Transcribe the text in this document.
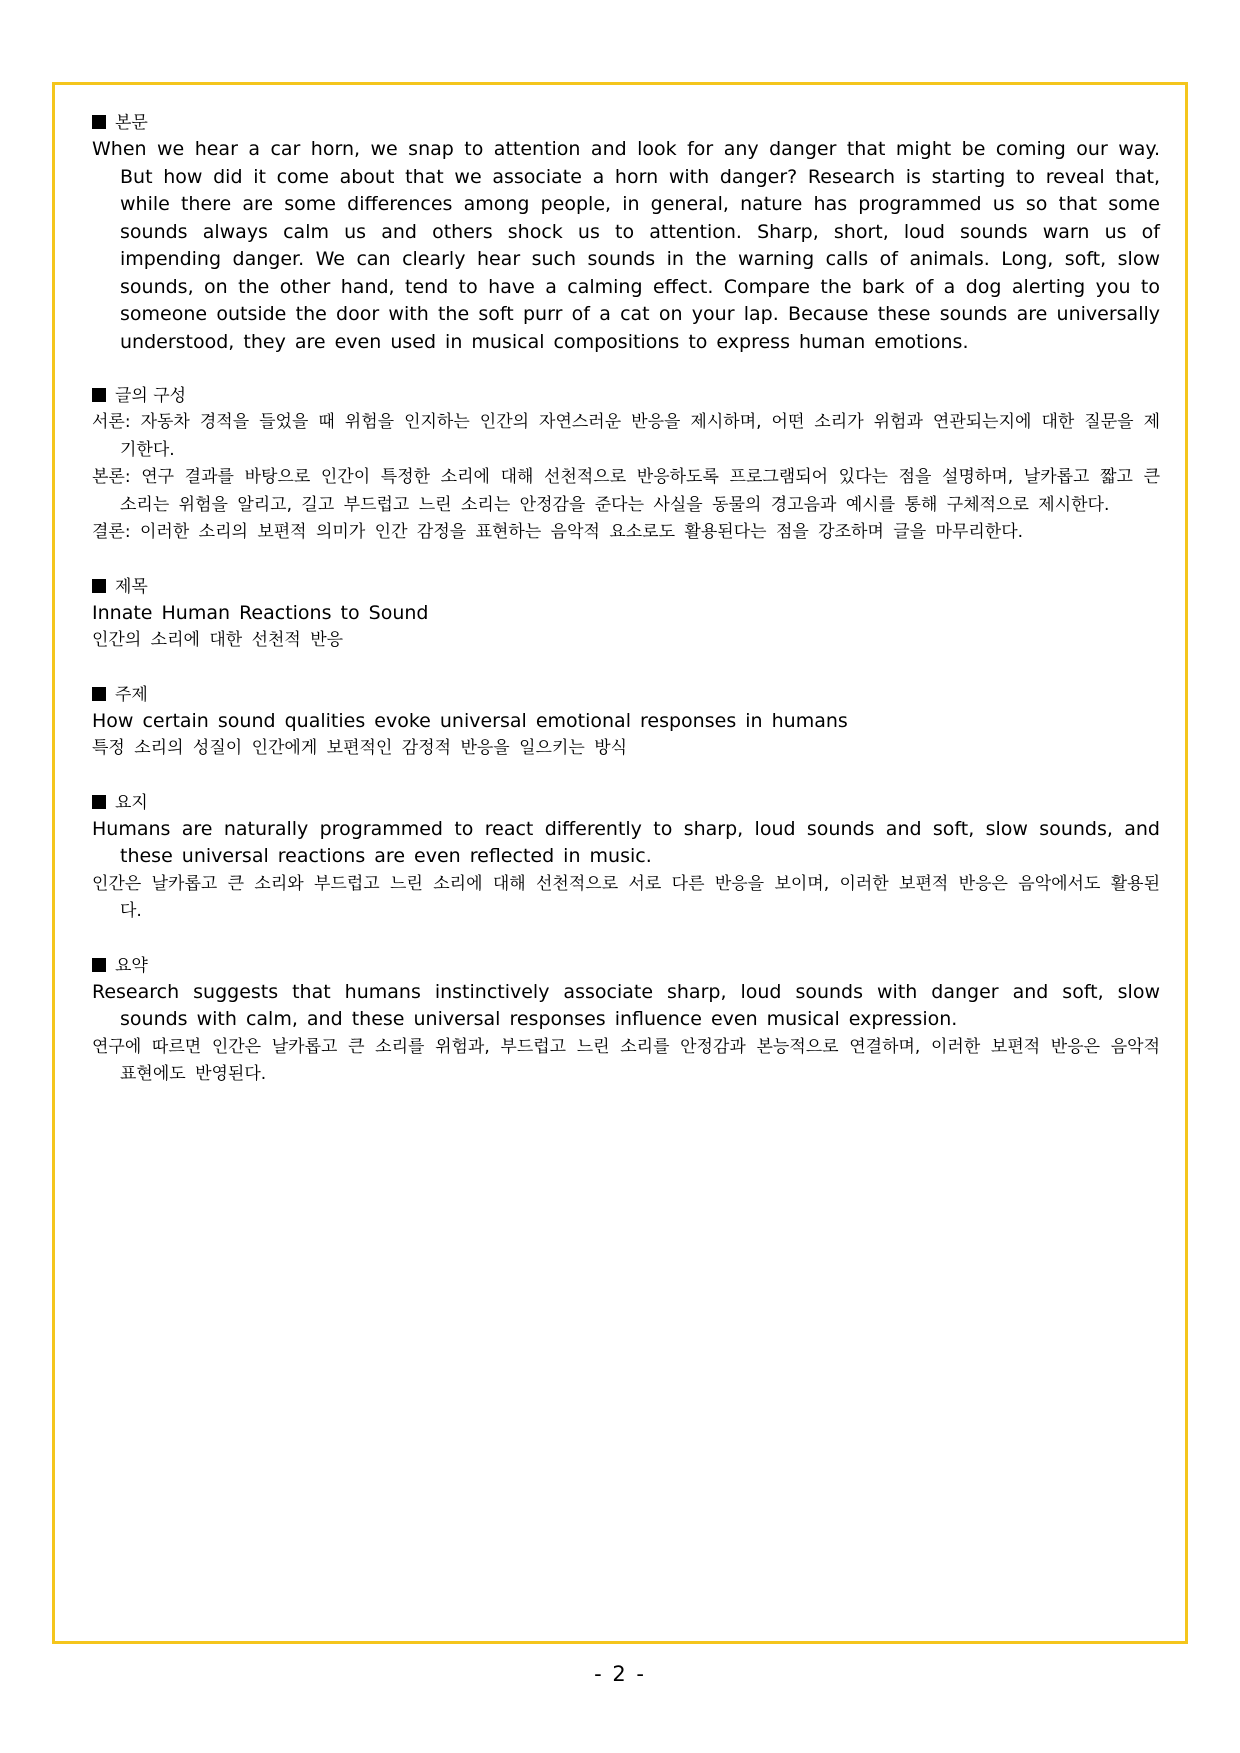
본문
When we hear a car horn, we snap to attention and look for any danger that might be coming our way. But how did it come about that we associate a horn with danger? Research is starting to reveal that, while there are some differences among people, in general, nature has programmed us so that some sounds always calm us and others shock us to attention. Sharp, short, loud sounds warn us of impending danger. We can clearly hear such sounds in the warning calls of animals. Long, soft, slow sounds, on the other hand, tend to have a calming effect. Compare the bark of a dog alerting you to someone outside the door with the soft purr of a cat on your lap. Because these sounds are universally understood, they are even used in musical compositions to express human emotions.
글의 구성
서론: 자동차 경적을 들었을 때 위험을 인지하는 인간의 자연스러운 반응을 제시하며, 어떤 소리가 위험과 연관되는지에 대한 질문을 제기한다.
본론: 연구 결과를 바탕으로 인간이 특정한 소리에 대해 선천적으로 반응하도록 프로그램되어 있다는 점을 설명하며, 날카롭고 짧고 큰 소리는 위험을 알리고, 길고 부드럽고 느린 소리는 안정감을 준다는 사실을 동물의 경고음과 예시를 통해 구체적으로 제시한다.
결론: 이러한 소리의 보편적 의미가 인간 감정을 표현하는 음악적 요소로도 활용된다는 점을 강조하며 글을 마무리한다.
제목
Innate Human Reactions to Sound
인간의 소리에 대한 선천적 반응
주제
How certain sound qualities evoke universal emotional responses in humans
특정 소리의 성질이 인간에게 보편적인 감정적 반응을 일으키는 방식
요지
Humans are naturally programmed to react differently to sharp, loud sounds and soft, slow sounds, and these universal reactions are even reflected in music.
인간은 날카롭고 큰 소리와 부드럽고 느린 소리에 대해 선천적으로 서로 다른 반응을 보이며, 이러한 보편적 반응은 음악에서도 활용된다.
요약
Research suggests that humans instinctively associate sharp, loud sounds with danger and soft, slow sounds with calm, and these universal responses influence even musical expression.
연구에 따르면 인간은 날카롭고 큰 소리를 위험과, 부드럽고 느린 소리를 안정감과 본능적으로 연결하며, 이러한 보편적 반응은 음악적 표현에도 반영된다.
- 2 -
